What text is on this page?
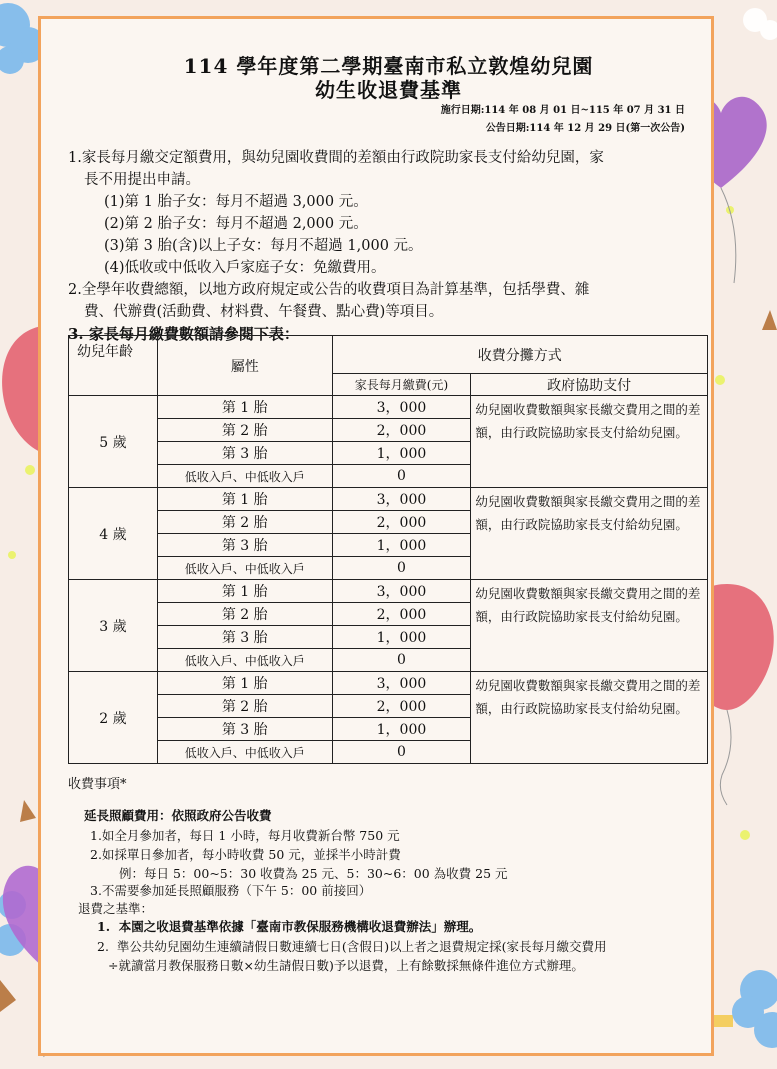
114 學年度第二學期臺南市私立敦煌幼兒園
幼生收退費基準
施行日期:114 年 08 月 01 日~115 年 07 月 31 日
公告日期:114 年 12 月 29 日(第一次公告)
1.家長每月繳交定額費用，與幼兒園收費間的差額由行政院助家長支付給幼兒園，家
長不用提出申請。
(1)第 1 胎子女：每月不超過 3,000 元。
(2)第 2 胎子女：每月不超過 2,000 元。
(3)第 3 胎(含)以上子女：每月不超過 1,000 元。
(4)低收或中低收入戶家庭子女：免繳費用。
2.全學年收費總額，以地方政府規定或公告的收費項目為計算基準，包括學費、雜
費、代辦費(活動費、材料費、午餐費、點心費)等項目。
3. 家長每月繳費數額請參閱下表：
幼兒年齡	屬性	收費分攤方式	
		家長每月繳費(元)	政府協助支付
5 歲	第 1 胎	3，000	幼兒園收費數額與家長繳交費用之間的差額，由行政院協助家長支付給幼兒園。
	第 2 胎	2，000	
	第 3 胎	1，000	
	低收入戶、中低收入戶	0	
4 歲	第 1 胎	3，000	幼兒園收費數額與家長繳交費用之間的差額，由行政院協助家長支付給幼兒園。
	第 2 胎	2，000	
	第 3 胎	1，000	
	低收入戶、中低收入戶	0	
3 歲	第 1 胎	3，000	幼兒園收費數額與家長繳交費用之間的差額，由行政院協助家長支付給幼兒園。
	第 2 胎	2，000	
	第 3 胎	1，000	
	低收入戶、中低收入戶	0	
2 歲	第 1 胎	3，000	幼兒園收費數額與家長繳交費用之間的差額，由行政院協助家長支付給幼兒園。
	第 2 胎	2，000	
	第 3 胎	1，000	
	低收入戶、中低收入戶	0	
收費事項*
延長照顧費用：依照政府公告收費
1.如全月參加者，每日 1 小時，每月收費新台幣 750 元
2.如採單日參加者，每小時收費 50 元，並採半小時計費
例：每日 5：00~5：30 收費為 25 元、5：30~6：00 為收費 25 元
3.不需要參加延長照顧服務（下午 5：00 前接回）
退費之基準：
1.  本園之收退費基準依據「臺南市教保服務機構收退費辦法」辦理。
2.  準公共幼兒園幼生連續請假日數連續七日(含假日)以上者之退費規定採(家長每月繳交費用
÷就讀當月教保服務日數×幼生請假日數)予以退費，上有餘數採無條件進位方式辦理。
